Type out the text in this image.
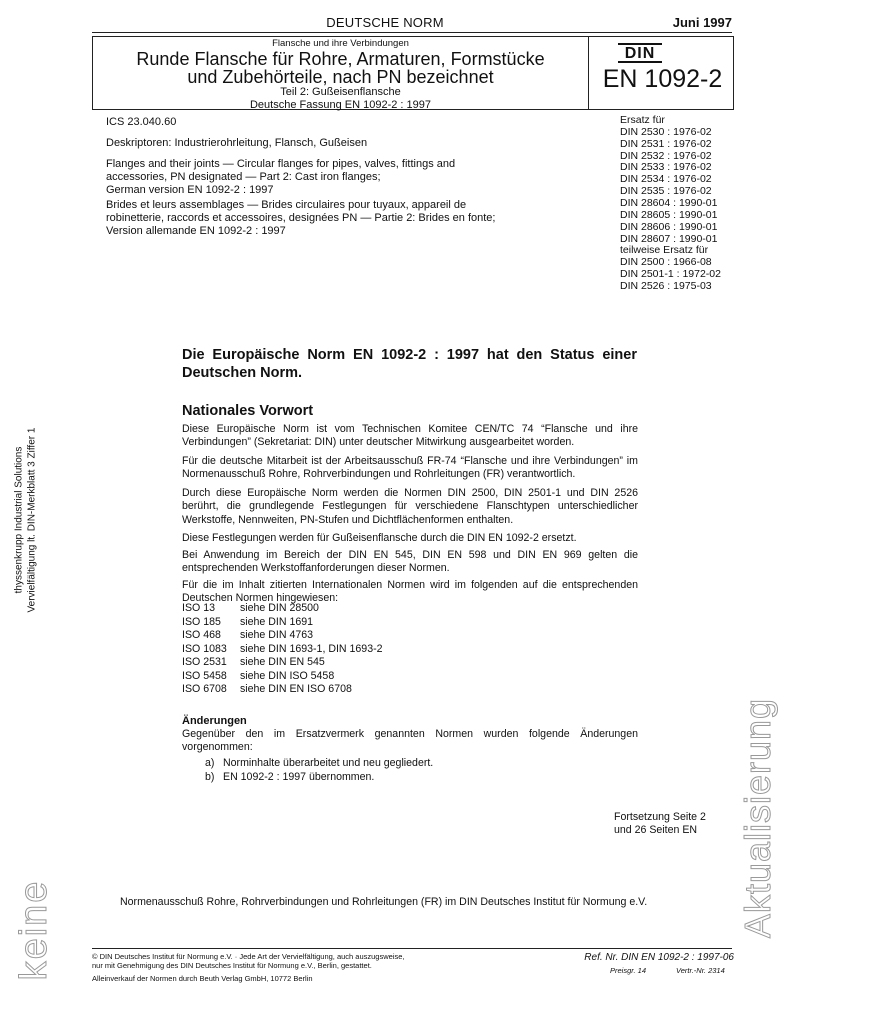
DEUTSCHE NORM	Juni 1997
Flansche und ihre Verbindungen
Runde Flansche für Rohre, Armaturen, Formstücke
und Zubehörteile, nach PN bezeichnet
Teil 2: Gußeisenflansche
Deutsche Fassung EN 1092-2 : 1997
DIN
EN 1092-2
ICS 23.040.60
Deskriptoren: Industrierohrleitung, Flansch, Gußeisen
Flanges and their joints — Circular flanges for pipes, valves, fittings and
accessories, PN designated — Part 2: Cast iron flanges;
German version EN 1092-2 : 1997
Brides et leurs assemblages — Brides circulaires pour tuyaux, appareil de
robinetterie, raccords et accessoires, designées PN — Partie 2: Brides en fonte;
Version allemande EN 1092-2 : 1997
Ersatz für
DIN 2530 : 1976-02
DIN 2531 : 1976-02
DIN 2532 : 1976-02
DIN 2533 : 1976-02
DIN 2534 : 1976-02
DIN 2535 : 1976-02
DIN 28604 : 1990-01
DIN 28605 : 1990-01
DIN 28606 : 1990-01
DIN 28607 : 1990-01
teilweise Ersatz für
DIN 2500 : 1966-08
DIN 2501-1 : 1972-02
DIN 2526 : 1975-03
Die Europäische Norm EN 1092-2 : 1997 hat den Status einer Deutschen Norm.
Nationales Vorwort

Diese Europäische Norm ist vom Technischen Komitee CEN/TC 74 “Flansche und ihre Verbindungen” (Sekretariat: DIN) unter deutscher Mitwirkung ausgearbeitet worden.

Für die deutsche Mitarbeit ist der Arbeitsausschuß FR-74 “Flansche und ihre Verbindungen” im Normenausschuß Rohre, Rohrverbindungen und Rohrleitungen (FR) verantwortlich.

Durch diese Europäische Norm werden die Normen DIN 2500, DIN 2501-1 und DIN 2526 berührt, die grundlegende Festlegungen für verschiedene Flanschtypen unterschiedlicher Werkstoffe, Nennweiten, PN-Stufen und Dichtflächenformen enthalten.

Diese Festlegungen werden für Gußeisenflansche durch die DIN EN 1092-2 ersetzt.

Bei Anwendung im Bereich der DIN EN 545, DIN EN 598 und DIN EN 969 gelten die entsprechenden Werkstoffanforderungen dieser Normen.

Für die im Inhalt zitierten Internationalen Normen wird im folgenden auf die entsprechenden Deutschen Normen hingewiesen:

ISO 13	siehe DIN 28500
ISO 185	siehe DIN 1691
ISO 468	siehe DIN 4763
ISO 1083	siehe DIN 1693-1, DIN 1693-2
ISO 2531	siehe DIN EN 545
ISO 5458	siehe DIN ISO 5458
ISO 6708	siehe DIN EN ISO 6708
Änderungen
Gegenüber den im Ersatzvermerk genannten Normen wurden folgende Änderungen vorgenommen:
a) Norminhalte überarbeitet und neu gegliedert.
b) EN 1092-2 : 1997 übernommen.
Fortsetzung Seite 2
und 26 Seiten EN
Normenausschuß Rohre, Rohrverbindungen und Rohrleitungen (FR) im DIN Deutsches Institut für Normung e.V.
© DIN Deutsches Institut für Normung e.V. · Jede Art der Vervielfältigung, auch auszugsweise,
nur mit Genehmigung des DIN Deutsches Institut für Normung e.V., Berlin, gestattet.
Alleinverkauf der Normen durch Beuth Verlag GmbH, 10772 Berlin
Ref. Nr. DIN EN 1092-2 : 1997-06
Preisgr. 14	Vertr.-Nr. 2314
thyssenkrupp Industrial Solutions Vervielfältigung lt. DIN-Merkblatt 3 Ziffer 1
keine	Aktualisierung
